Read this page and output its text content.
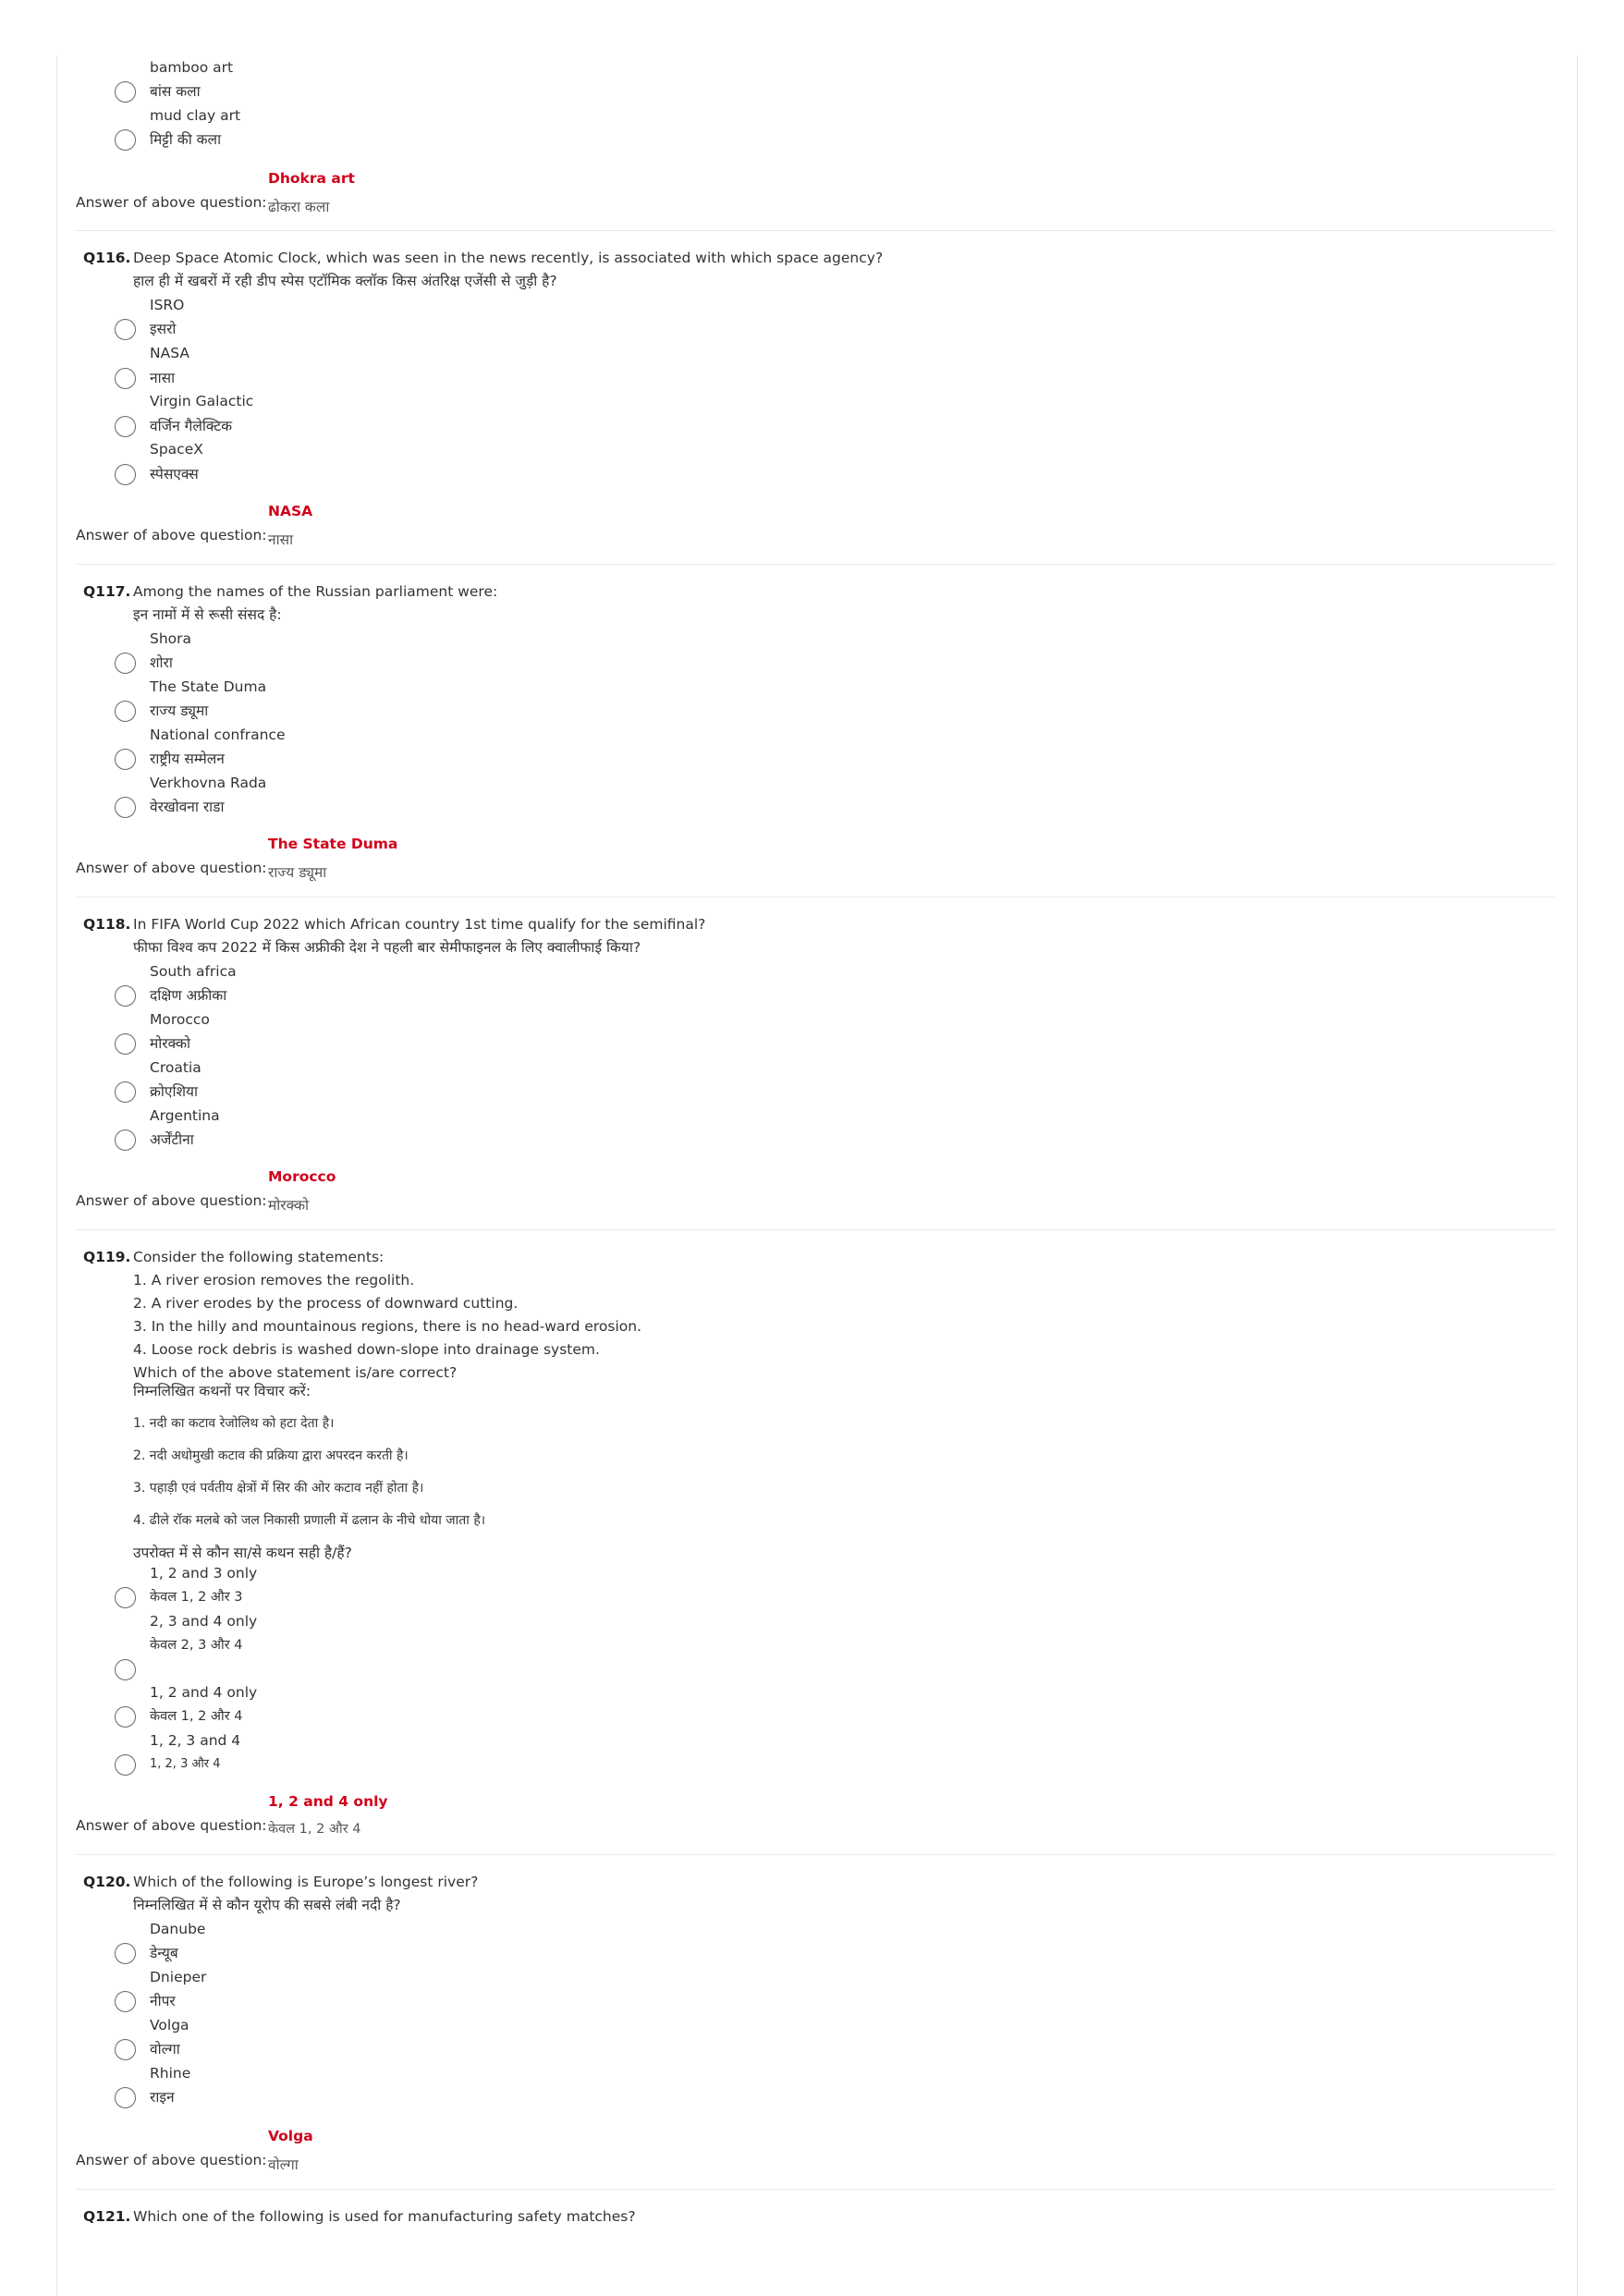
bamboo art
बांस कला
mud clay art
मिट्टी की कला
Dhokra art
Answer of above question: ढोकरा कला
Q116. Deep Space Atomic Clock, which was seen in the news recently, is associated with which space agency?
हाल ही में खबरों में रही डीप स्पेस एटॉमिक क्लॉक किस अंतरिक्ष एजेंसी से जुड़ी है?
ISRO
इसरो
NASA
नासा
Virgin Galactic
वर्जिन गैलेक्टिक
SpaceX
स्पेसएक्स
NASA
Answer of above question: नासा
Q117. Among the names of the Russian parliament were:
इन नामों में से रूसी संसद है:
Shora
शोरा
The State Duma
राज्य ड्यूमा
National confrance
राष्ट्रीय सम्मेलन
Verkhovna Rada
वेरखोवना राडा
The State Duma
Answer of above question: राज्य ड्यूमा
Q118. In FIFA World Cup 2022 which African country 1st time qualify for the semifinal?
फीफा विश्व कप 2022 में किस अफ्रीकी देश ने पहली बार सेमीफाइनल के लिए क्वालीफाई किया?
South africa
दक्षिण अफ्रीका
Morocco
मोरक्को
Croatia
क्रोएशिया
Argentina
अर्जेंटीना
Morocco
Answer of above question: मोरक्को
Q119. Consider the following statements:
1. A river erosion removes the regolith.
2. A river erodes by the process of downward cutting.
3. In the hilly and mountainous regions, there is no head-ward erosion.
4. Loose rock debris is washed down-slope into drainage system.
Which of the above statement is/are correct?
निम्नलिखित कथनों पर विचार करें:
1. नदी का कटाव रेजोलिथ को हटा देता है।
2. नदी अधोमुखी कटाव की प्रक्रिया द्वारा अपरदन करती है।
3. पहाड़ी एवं पर्वतीय क्षेत्रों में सिर की ओर कटाव नहीं होता है।
4. ढीले रॉक मलबे को जल निकासी प्रणाली में ढलान के नीचे धोया जाता है।
उपरोक्त में से कौन सा/से कथन सही है/हैं?
1, 2 and 3 only
केवल 1, 2 और 3
2, 3 and 4 only
केवल 2, 3 और 4
1, 2 and 4 only
केवल 1, 2 और 4
1, 2, 3 and 4
1, 2, 3 और 4
1, 2 and 4 only
Answer of above question: केवल 1, 2 और 4
Q120. Which of the following is Europe’s longest river?
निम्नलिखित में से कौन यूरोप की सबसे लंबी नदी है?
Danube
डेन्यूब
Dnieper
नीपर
Volga
वोल्गा
Rhine
राइन
Volga
Answer of above question: वोल्गा
Q121. Which one of the following is used for manufacturing safety matches?
